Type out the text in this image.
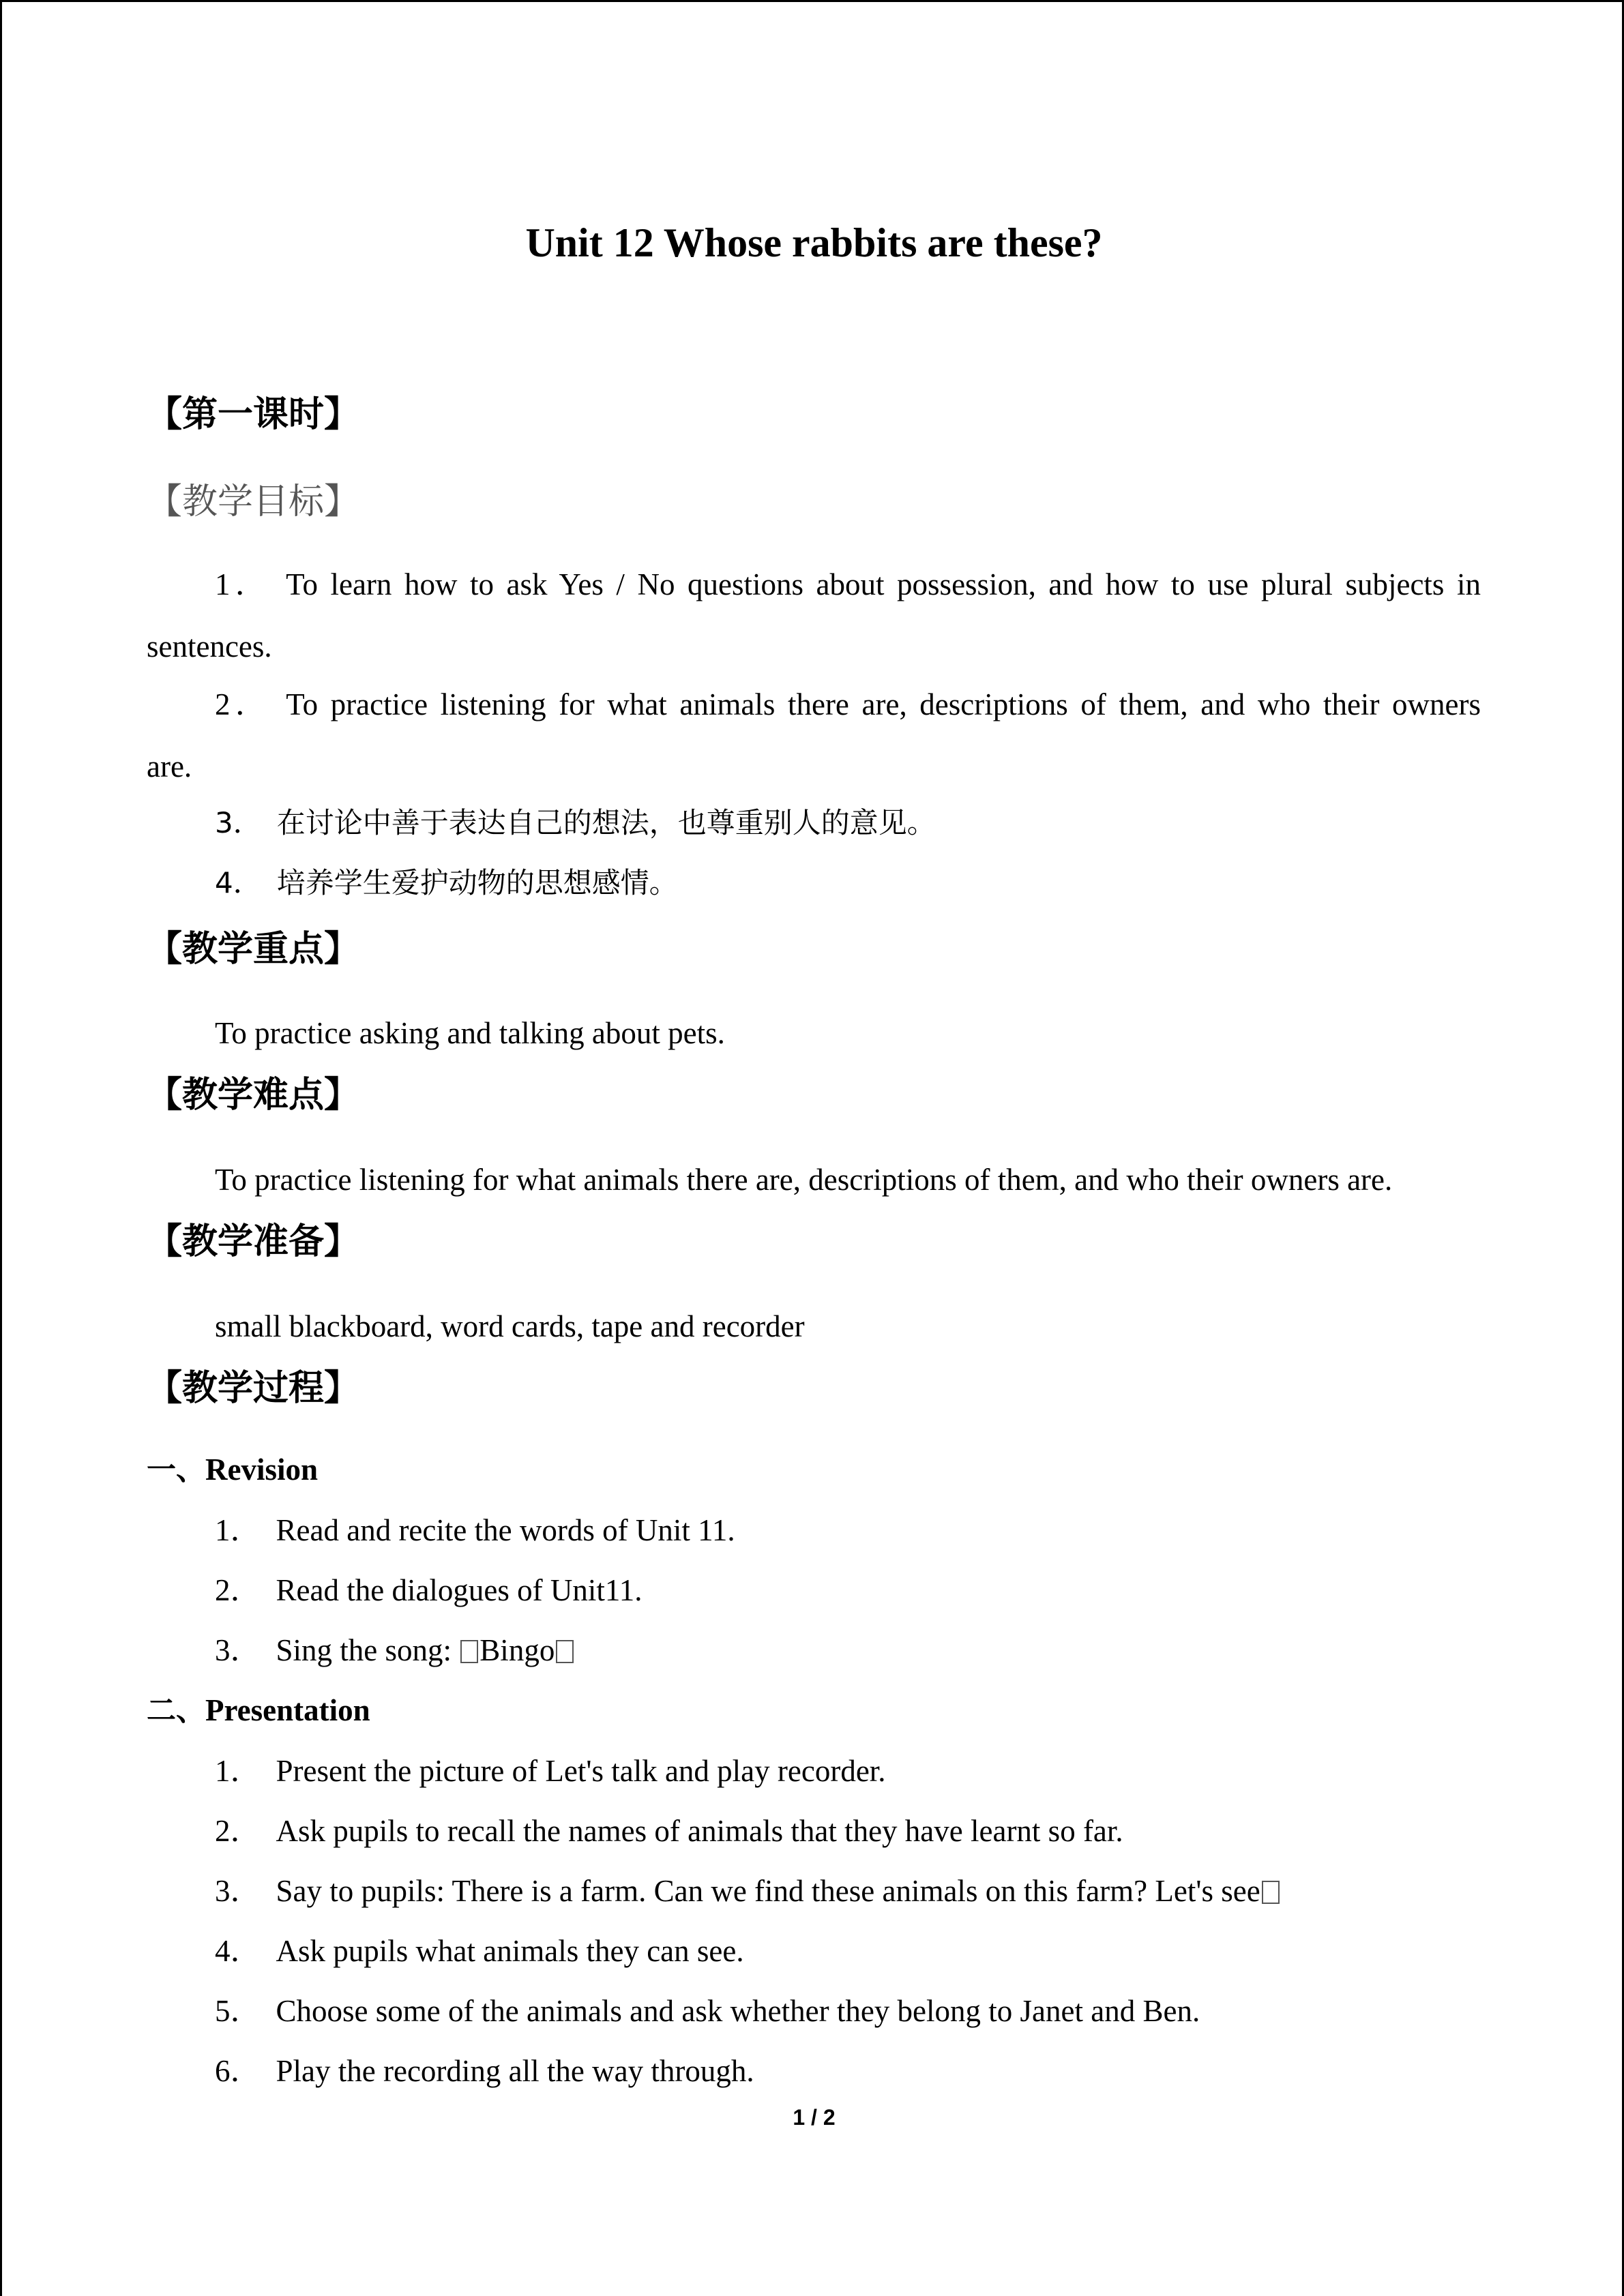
Unit 12 Whose rabbits are these?
【第一课时】
【教学目标】
1． To learn how to ask Yes / No questions about possession, and how to use plural subjects in
sentences.
2． To practice listening for what animals there are, descriptions of them, and who their owners
are.
3． 在讨论中善于表达自己的想法，也尊重别人的意见。
4． 培养学生爱护动物的思想感情。
【教学重点】
To practice asking and talking about pets.
【教学难点】
To practice listening for what animals there are, descriptions of them, and who their owners are.
【教学准备】
small blackboard, word cards, tape and recorder
【教学过程】
一、Revision
1． Read and recite the words of Unit 11.
2． Read the dialogues of Unit11.
3． Sing the song: Bingo
二、Presentation
1． Present the picture of Let's talk and play recorder.
2． Ask pupils to recall the names of animals that they have learnt so far.
3． Say to pupils: There is a farm. Can we find these animals on this farm? Let's see
4． Ask pupils what animals they can see.
5． Choose some of the animals and ask whether they belong to Janet and Ben.
6． Play the recording all the way through.
1 / 2
